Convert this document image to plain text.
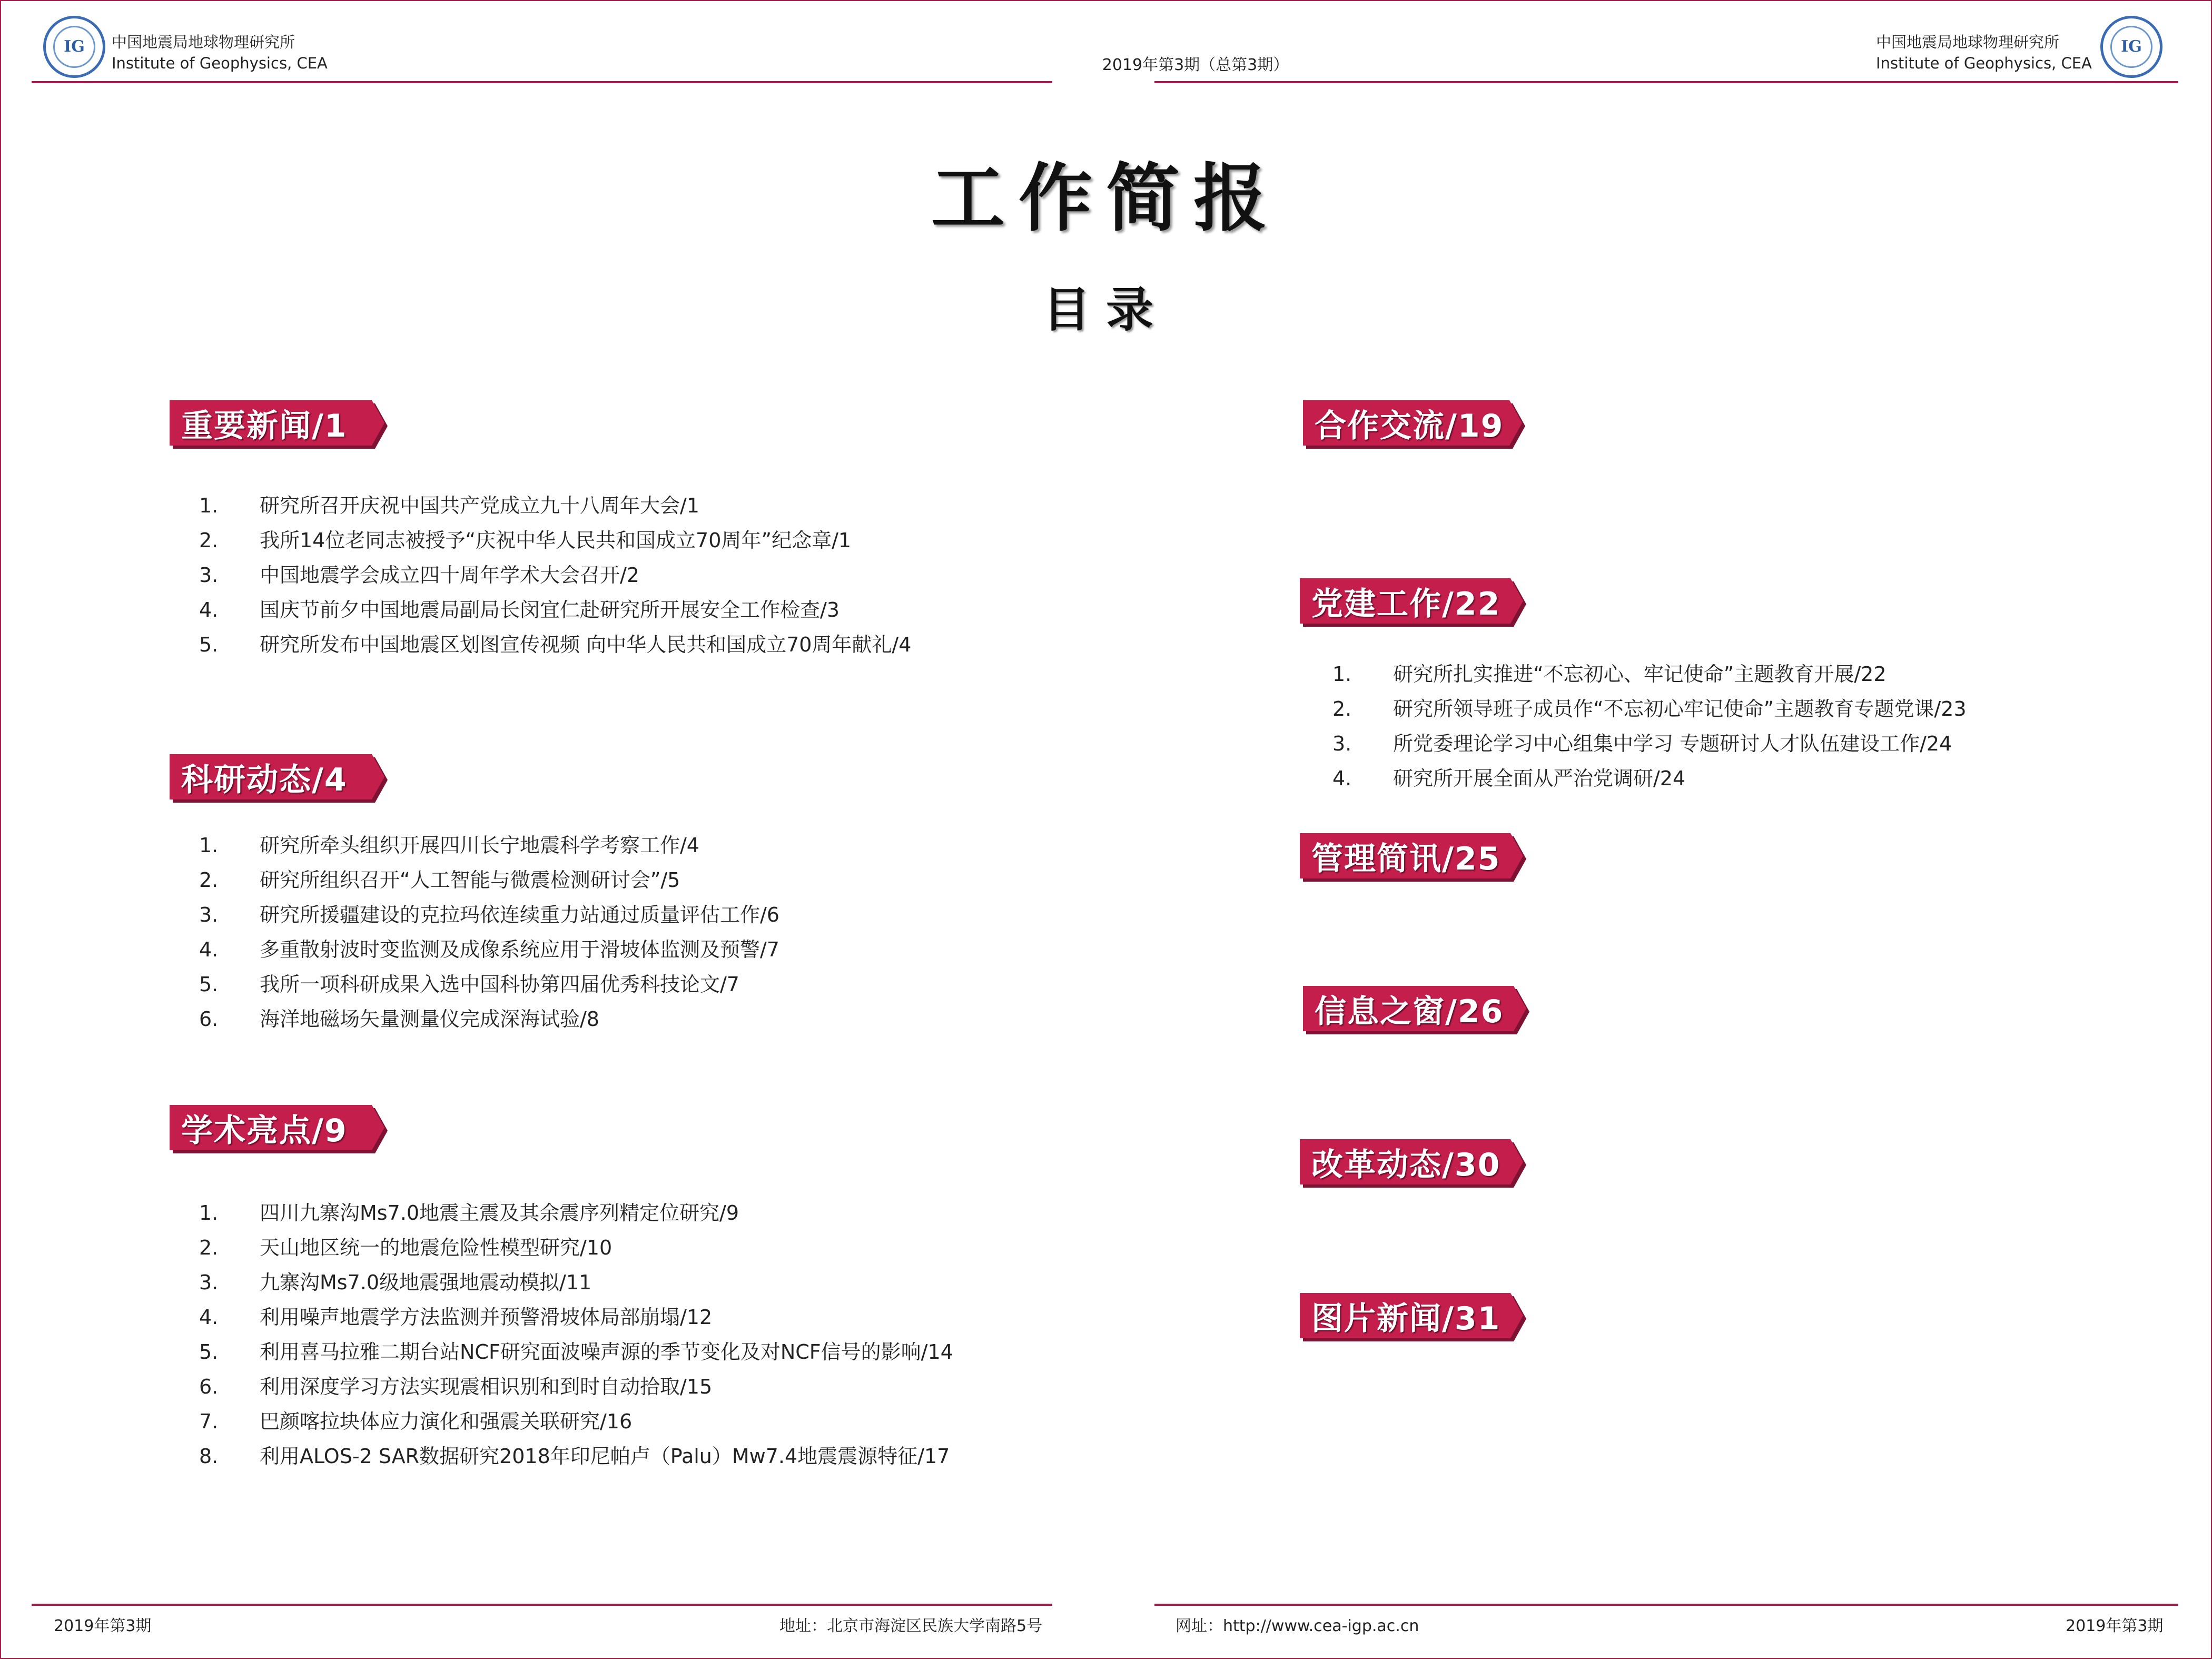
IG	中国地震局地球物理研究所
Institute of Geophysics, CEA	2019年第3期（总第3期）
中国地震局地球物理研究所
Institute of Geophysics, CEA
IG
工作简报
目录
重要新闻/1
1.	研究所召开庆祝中国共产党成立九十八周年大会/1
2.	我所14位老同志被授予“庆祝中华人民共和国成立70周年”纪念章/1
3.	中国地震学会成立四十周年学术大会召开/2
4.	国庆节前夕中国地震局副局长闵宜仁赴研究所开展安全工作检查/3
5.	研究所发布中国地震区划图宣传视频 向中华人民共和国成立70周年献礼/4
科研动态/4
1.	研究所牵头组织开展四川长宁地震科学考察工作/4
2.	研究所组织召开“人工智能与微震检测研讨会”/5
3.	研究所援疆建设的克拉玛依连续重力站通过质量评估工作/6
4.	多重散射波时变监测及成像系统应用于滑坡体监测及预警/7
5.	我所一项科研成果入选中国科协第四届优秀科技论文/7
6.	海洋地磁场矢量测量仪完成深海试验/8
学术亮点/9
1.	四川九寨沟Ms7.0地震主震及其余震序列精定位研究/9
2.	天山地区统一的地震危险性模型研究/10
3.	九寨沟Ms7.0级地震强地震动模拟/11
4.	利用噪声地震学方法监测并预警滑坡体局部崩塌/12
5.	利用喜马拉雅二期台站NCF研究面波噪声源的季节变化及对NCF信号的影响/14
6.	利用深度学习方法实现震相识别和到时自动拾取/15
7.	巴颜喀拉块体应力演化和强震关联研究/16
8.	利用ALOS-2 SAR数据研究2018年印尼帕卢（Palu）Mw7.4地震震源特征/17
合作交流/19
党建工作/22
1.	研究所扎实推进“不忘初心、牢记使命”主题教育开展/22
2.	研究所领导班子成员作“不忘初心牢记使命”主题教育专题党课/23
3.	所党委理论学习中心组集中学习 专题研讨人才队伍建设工作/24
4.	研究所开展全面从严治党调研/24
管理简讯/25
信息之窗/26
改革动态/30
图片新闻/31
2019年第3期	地址：北京市海淀区民族大学南路5号	网址：http://www.cea-igp.ac.cn	2019年第3期
